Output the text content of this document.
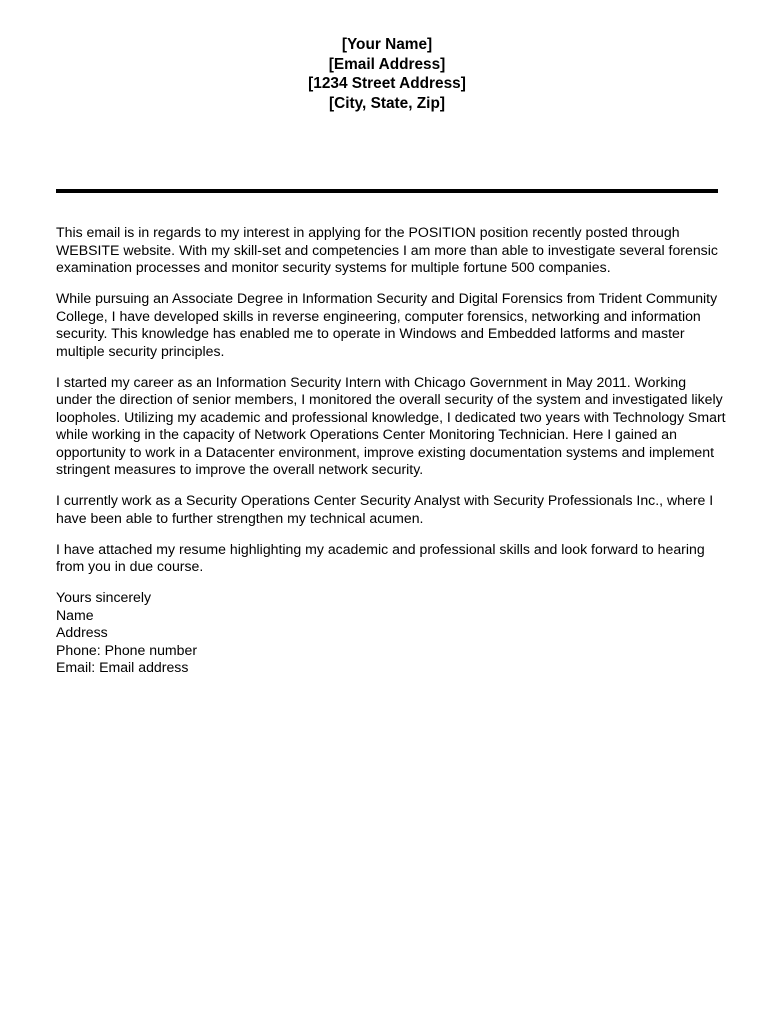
[Your Name]
[Email Address]
[1234 Street Address]
[City, State, Zip]

This email is in regards to my interest in applying for the POSITION position recently posted through WEBSITE website. With my skill-set and competencies I am more than able to investigate several forensic examination processes and monitor security systems for multiple fortune 500 companies.

While pursuing an Associate Degree in Information Security and Digital Forensics from Trident Community College, I have developed skills in reverse engineering, computer forensics, networking and information security. This knowledge has enabled me to operate in Windows and Embedded latforms and master multiple security principles.

I started my career as an Information Security Intern with Chicago Government in May 2011. Working under the direction of senior members, I monitored the overall security of the system and investigated likely loopholes. Utilizing my academic and professional knowledge, I dedicated two years with Technology Smart while working in the capacity of Network Operations Center Monitoring Technician. Here I gained an opportunity to work in a Datacenter environment, improve existing documentation systems and implement stringent measures to improve the overall network security.

I currently work as a Security Operations Center Security Analyst with Security Professionals Inc., where I have been able to further strengthen my technical acumen.

I have attached my resume highlighting my academic and professional skills and look forward to hearing from you in due course.

Yours sincerely
Name
Address
Phone: Phone number
Email: Email address
